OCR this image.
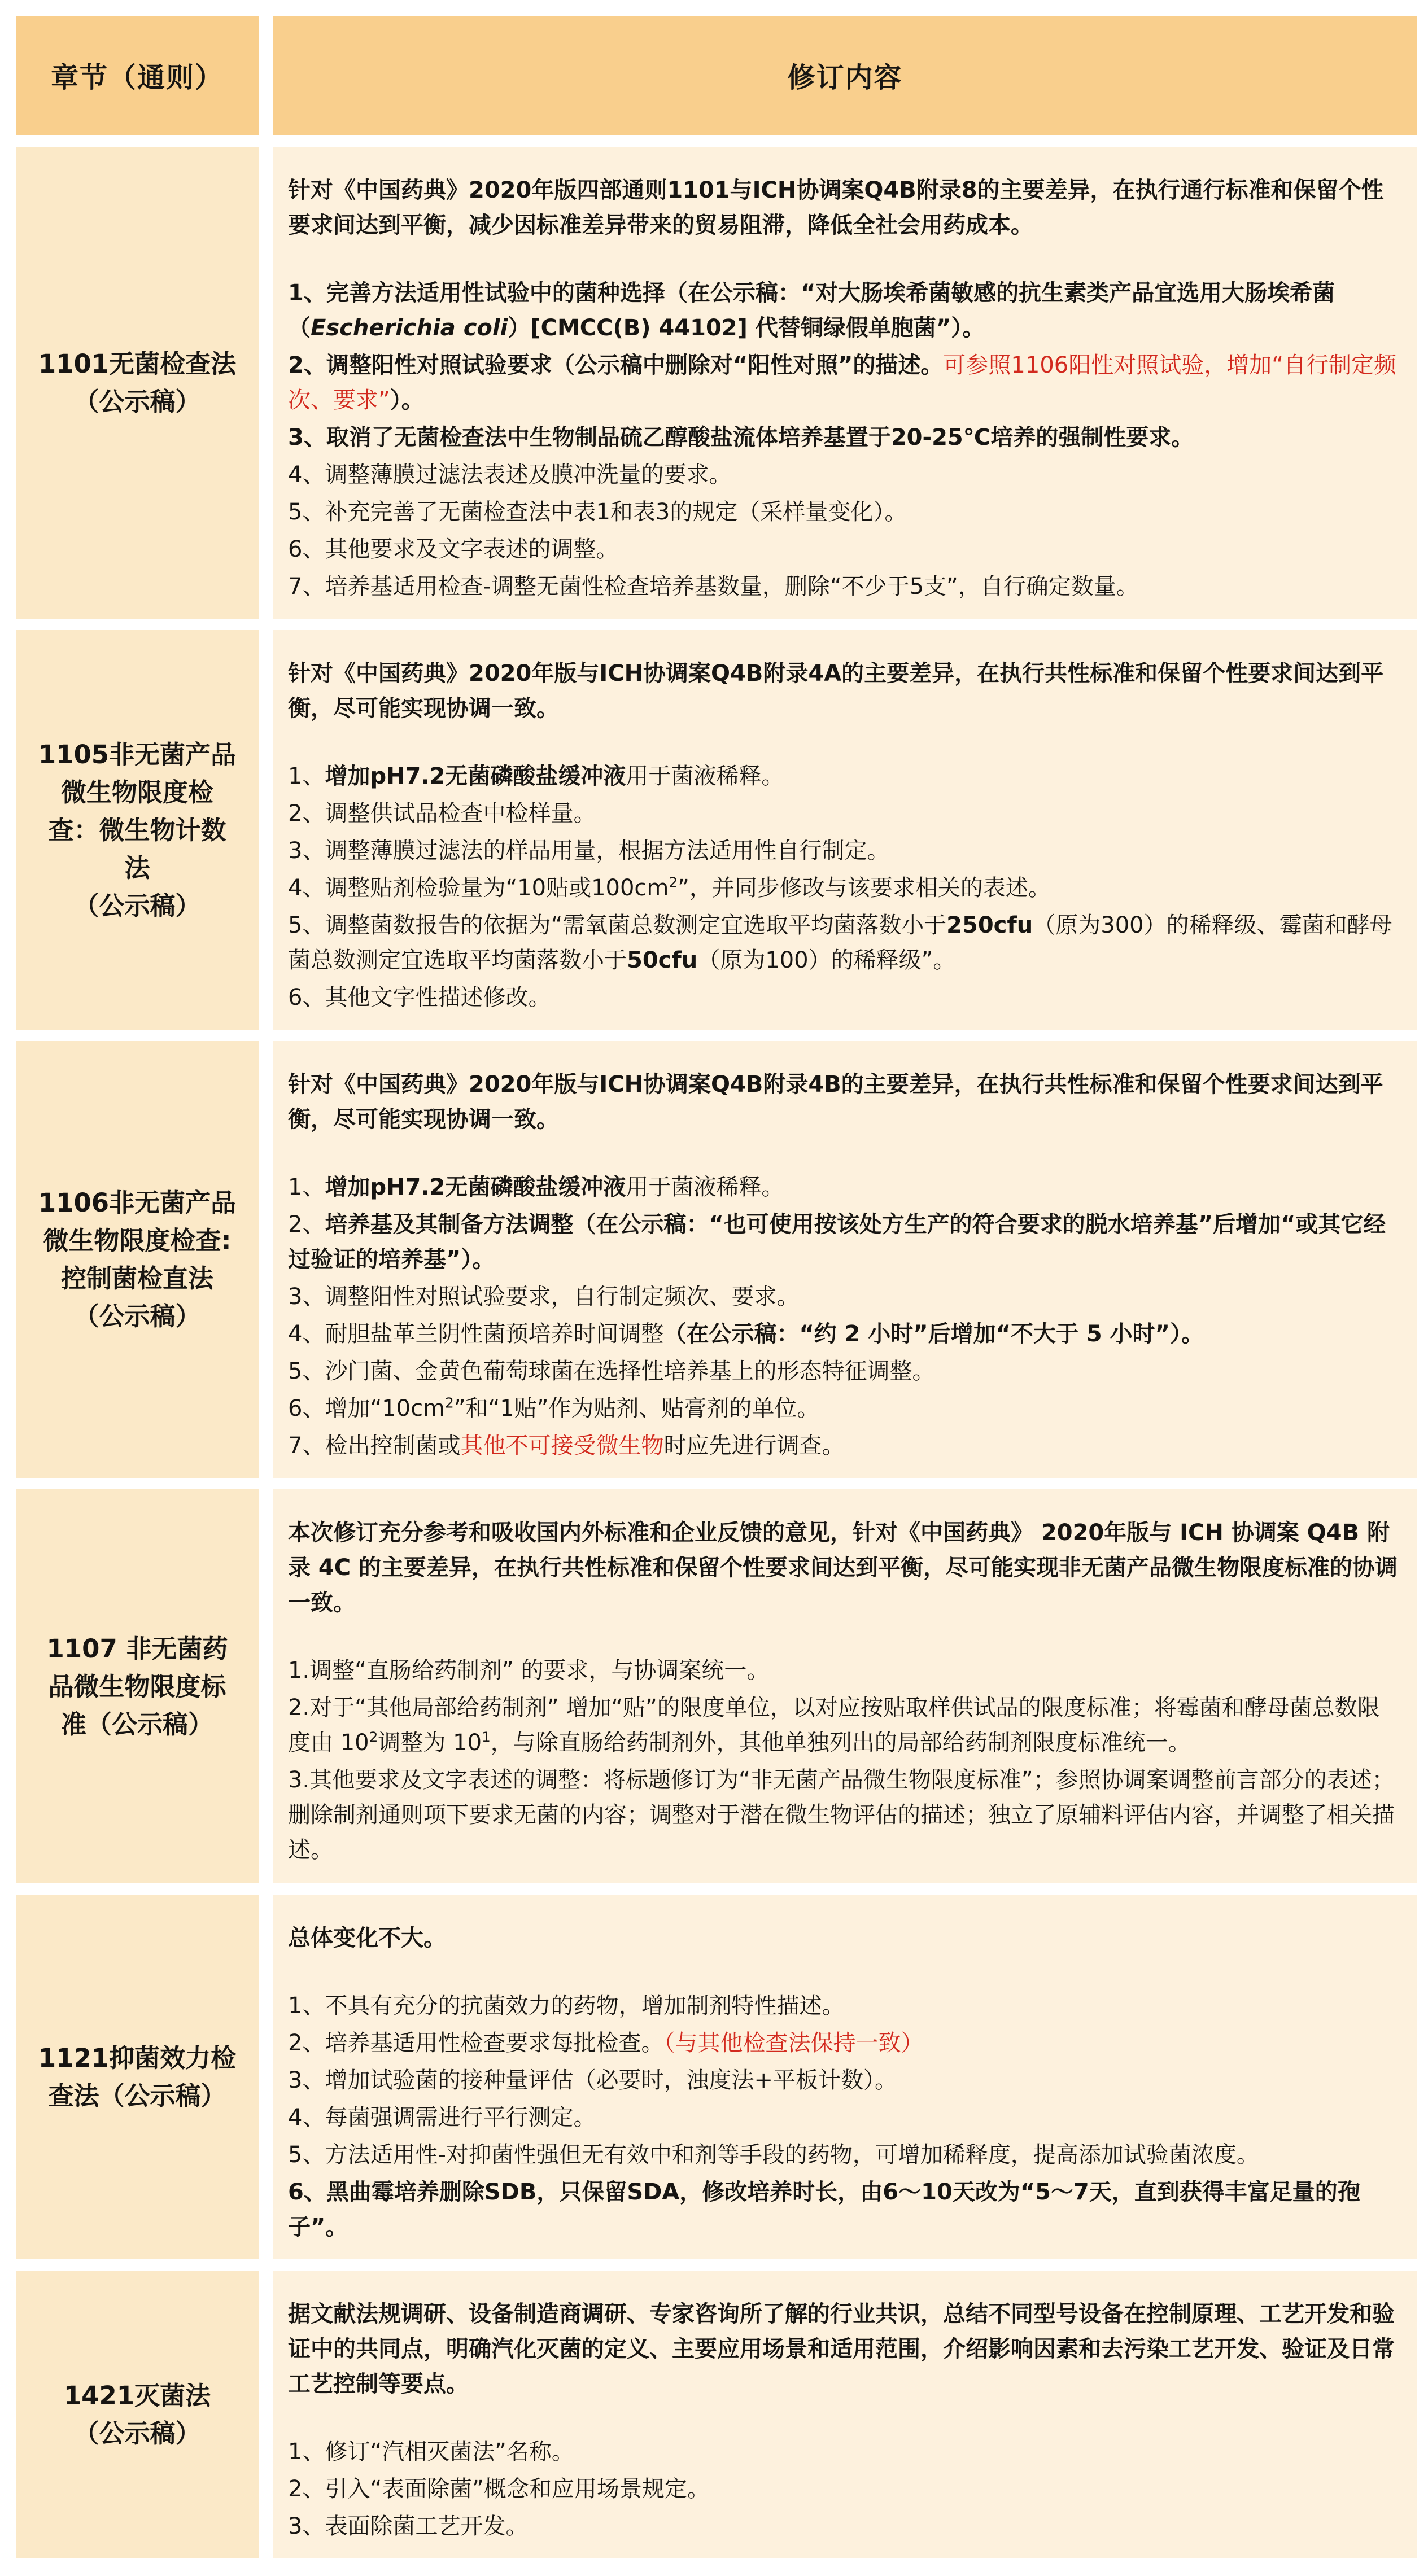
章节（通则）	修订内容
1101无菌检查法
（公示稿）

针对《中国药典》2020年版四部通则1101与ICH协调案Q4B附录8的主要差异，在执行通行标准和保留个性要求间达到平衡，减少因标准差异带来的贸易阻滞，降低全社会用药成本。

1、完善方法适用性试验中的菌种选择（在公示稿：“对大肠埃希菌敏感的抗生素类产品宜选用大肠埃希菌（Escherichia coli）[CMCC(B) 44102] 代替铜绿假单胞菌”）。
2、调整阳性对照试验要求（公示稿中删除对“阳性对照”的描述。可参照1106阳性对照试验，增加“自行制定频次、要求”）。
3、取消了无菌检查法中生物制品硫乙醇酸盐流体培养基置于20-25℃培养的强制性要求。
4、调整薄膜过滤法表述及膜冲洗量的要求。
5、补充完善了无菌检查法中表1和表3的规定（采样量变化）。
6、其他要求及文字表述的调整。
7、培养基适用检查-调整无菌性检查培养基数量，删除“不少于5支”，自行确定数量。
1105非无菌产品
微生物限度检
查：微生物计数
法
（公示稿）

针对《中国药典》2020年版与ICH协调案Q4B附录4A的主要差异，在执行共性标准和保留个性要求间达到平衡，尽可能实现协调一致。

1、增加pH7.2无菌磷酸盐缓冲液用于菌液稀释。
2、调整供试品检查中检样量。
3、调整薄膜过滤法的样品用量，根据方法适用性自行制定。
4、调整贴剂检验量为“10贴或$100cm^2$”，并同步修改与该要求相关的表述。
5、调整菌数报告的依据为“需氧菌总数测定宜选取平均菌落数小于250cfu（原为300）的稀释级、霉菌和酵母菌总数测定宜选取平均菌落数小于50cfu（原为100）的稀释级”。
6、其他文字性描述修改。
1106非无菌产品
微生物限度检查:
控制菌检直法
（公示稿）

针对《中国药典》2020年版与ICH协调案Q4B附录4B的主要差异，在执行共性标准和保留个性要求间达到平衡，尽可能实现协调一致。

1、增加pH7.2无菌磷酸盐缓冲液用于菌液稀释。
2、培养基及其制备方法调整（在公示稿：“也可使用按该处方生产的符合要求的脱水培养基”后增加“或其它经过验证的培养基”）。
3、调整阳性对照试验要求，自行制定频次、要求。
4、耐胆盐革兰阴性菌预培养时间调整（在公示稿：“约 2 小时”后增加“不大于 5 小时”）。
5、沙门菌、金黄色葡萄球菌在选择性培养基上的形态特征调整。
6、增加“$10cm^2$”和“1贴”作为贴剂、贴膏剂的单位。
7、检出控制菌或其他不可接受微生物时应先进行调查。
1107 非无菌药
品微生物限度标
准（公示稿）

本次修订充分参考和吸收国内外标准和企业反馈的意见，针对《中国药典》 2020年版与 ICH 协调案 Q4B 附录 4C 的主要差异，在执行共性标准和保留个性要求间达到平衡，尽可能实现非无菌产品微生物限度标准的协调一致。

1.调整“直肠给药制剂” 的要求，与协调案统一。
2.对于“其他局部给药制剂” 增加“贴”的限度单位，以对应按贴取样供试品的限度标准；将霉菌和酵母菌总数限度由 $10^2$调整为 $10^1$，与除直肠给药制剂外，其他单独列出的局部给药制剂限度标准统一。
3.其他要求及文字表述的调整：将标题修订为“非无菌产品微生物限度标准”；参照协调案调整前言部分的表述；删除制剂通则项下要求无菌的内容；调整对于潜在微生物评估的描述；独立了原辅料评估内容，并调整了相关描述。
1121抑菌效力检
查法（公示稿）

总体变化不大。

1、不具有充分的抗菌效力的药物，增加制剂特性描述。
2、培养基适用性检查要求每批检查。（与其他检查法保持一致）
3、增加试验菌的接种量评估（必要时，浊度法+平板计数）。
4、每菌强调需进行平行测定。
5、方法适用性-对抑菌性强但无有效中和剂等手段的药物，可增加稀释度，提高添加试验菌浓度。
6、黑曲霉培养删除SDB，只保留SDA，修改培养时长，由6～10天改为“5～7天，直到获得丰富足量的孢子”。
1421灭菌法
（公示稿）

据文献法规调研、设备制造商调研、专家咨询所了解的行业共识，总结不同型号设备在控制原理、工艺开发和验证中的共同点，明确汽化灭菌的定义、主要应用场景和适用范围，介绍影响因素和去污染工艺开发、验证及日常工艺控制等要点。

1、修订“汽相灭菌法”名称。
2、引入“表面除菌”概念和应用场景规定。
3、表面除菌工艺开发。
